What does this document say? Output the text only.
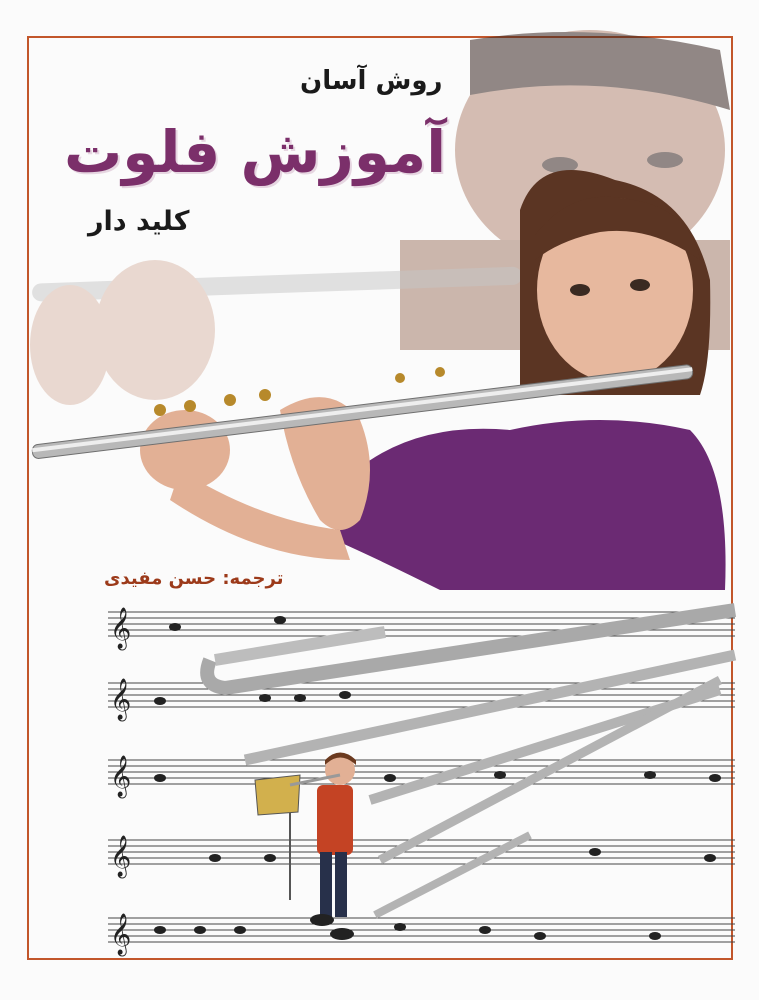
𝄞
𝄞
𝄞
𝄞
𝄞
روش آسان
آموزش فلوت
کلید دار
ترجمه: حسن مفیدی
